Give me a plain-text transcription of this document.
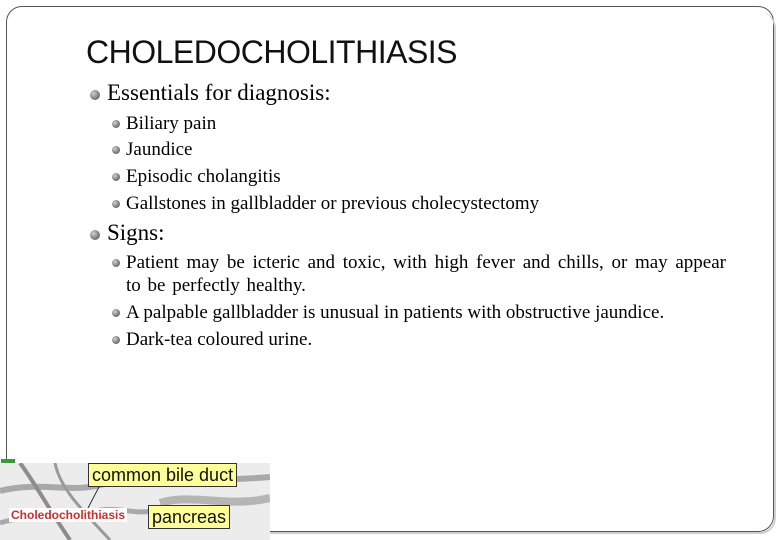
CHOLEDOCHOLITHIASIS
Essentials for diagnosis:
Biliary pain
Jaundice
Episodic cholangitis
Gallstones in gallbladder or previous cholecystectomy
Signs:
Patient may be icteric and toxic, with high fever and chills, or may appear to be perfectly healthy.
A palpable gallbladder is unusual in patients with obstructive jaundice.
Dark-tea coloured urine.
common bile duct
Choledocholithiasis pancreas
